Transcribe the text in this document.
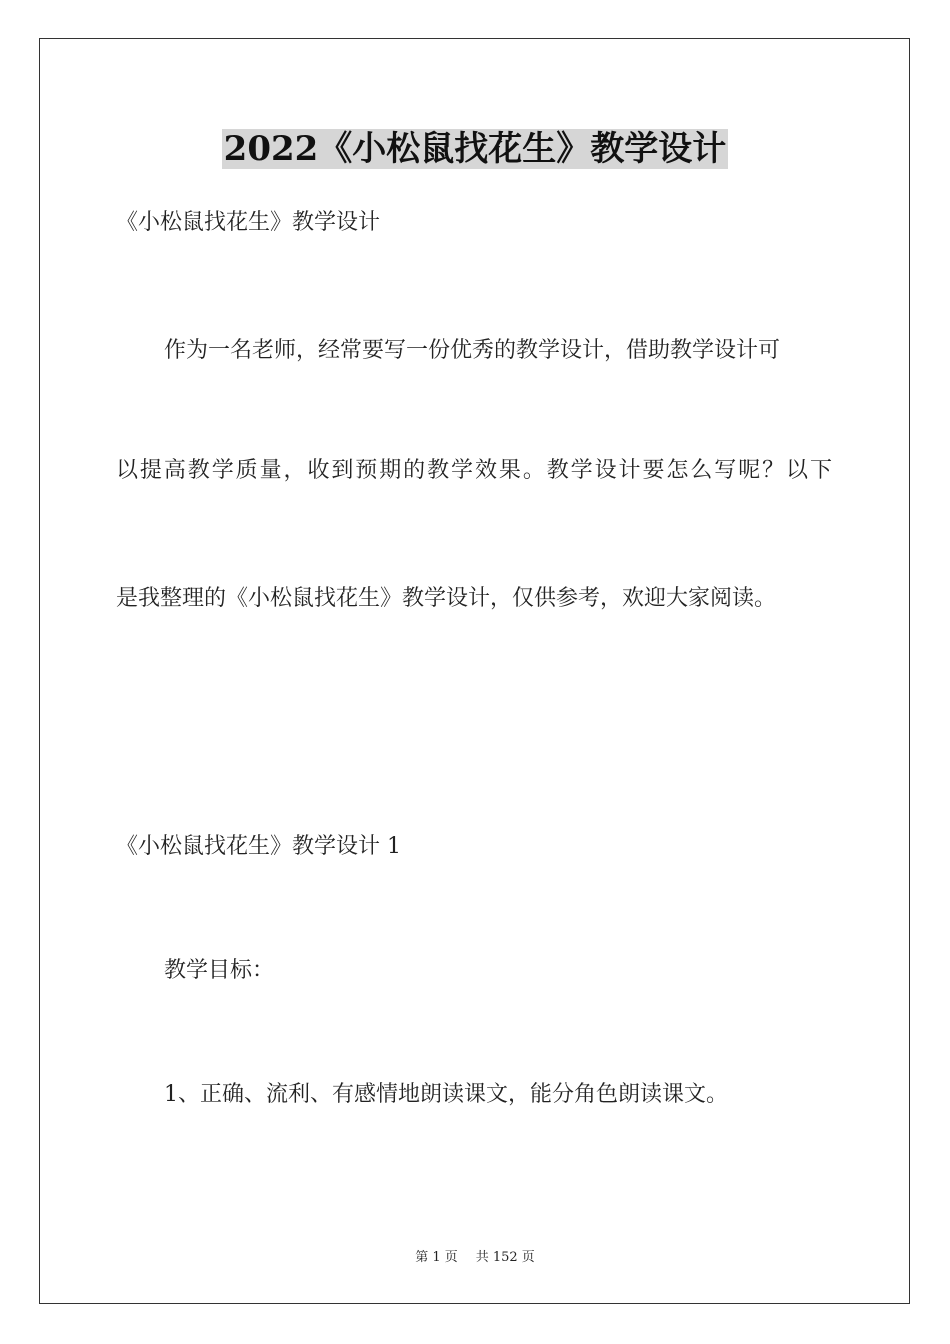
2022《小松鼠找花生》教学设计
《小松鼠找花生》教学设计
作为一名老师，经常要写一份优秀的教学设计，借助教学设计可
以提高教学质量，收到预期的教学效果。教学设计要怎么写呢？以下
是我整理的《小松鼠找花生》教学设计，仅供参考，欢迎大家阅读。
《小松鼠找花生》教学设计 1
教学目标：
1、正确、流利、有感情地朗读课文，能分角色朗读课文。
第 1 页 共 152 页
